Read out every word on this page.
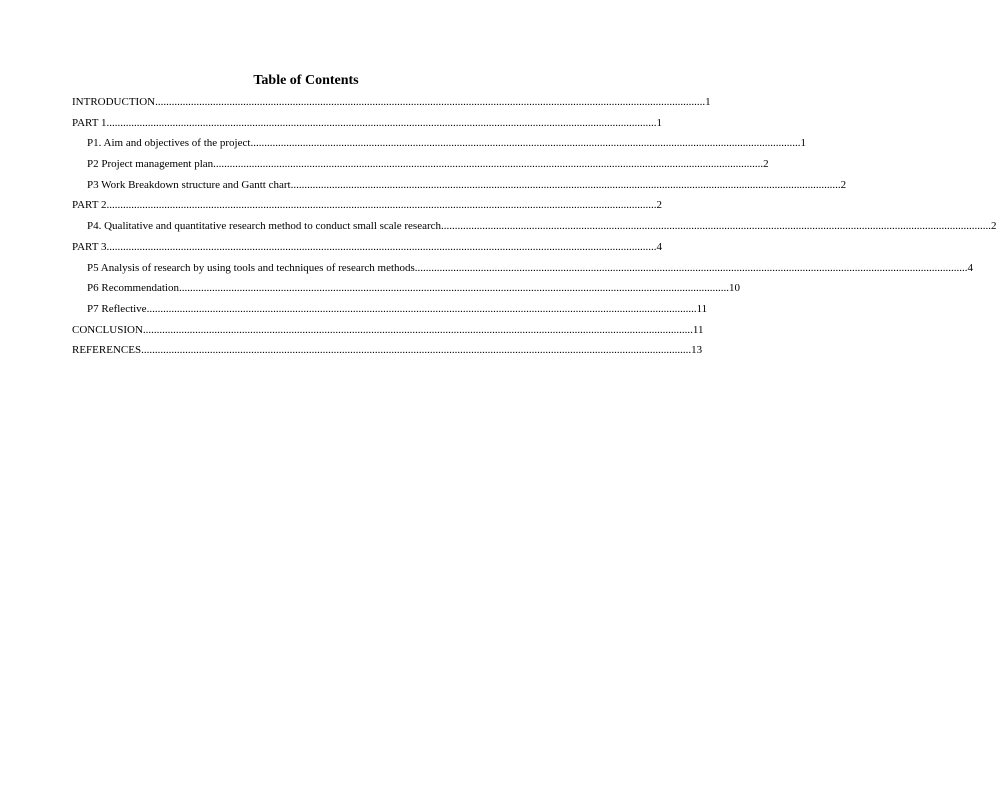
Table of Contents
INTRODUCTION ........................................................................................................................................................................................................ 1
PART 1 ........................................................................................................................................................................................................ 1
P1. Aim and objectives of the project ........................................................................................................................................................................................................ 1
P2 Project management plan ........................................................................................................................................................................................................ 2
P3 Work Breakdown structure and Gantt chart ........................................................................................................................................................................................................ 2
PART 2 ........................................................................................................................................................................................................ 2
P4. Qualitative and quantitative research method to conduct small scale research ........................................................................................................................................................................................................ 2
PART 3 ........................................................................................................................................................................................................ 4
P5 Analysis of research by using tools and techniques of research methods. ........................................................................................................................................................................................................ 4
P6 Recommendation ........................................................................................................................................................................................................ 10
P7 Reflective ........................................................................................................................................................................................................ 11
CONCLUSION ........................................................................................................................................................................................................ 11
REFERENCES ........................................................................................................................................................................................................ 13
